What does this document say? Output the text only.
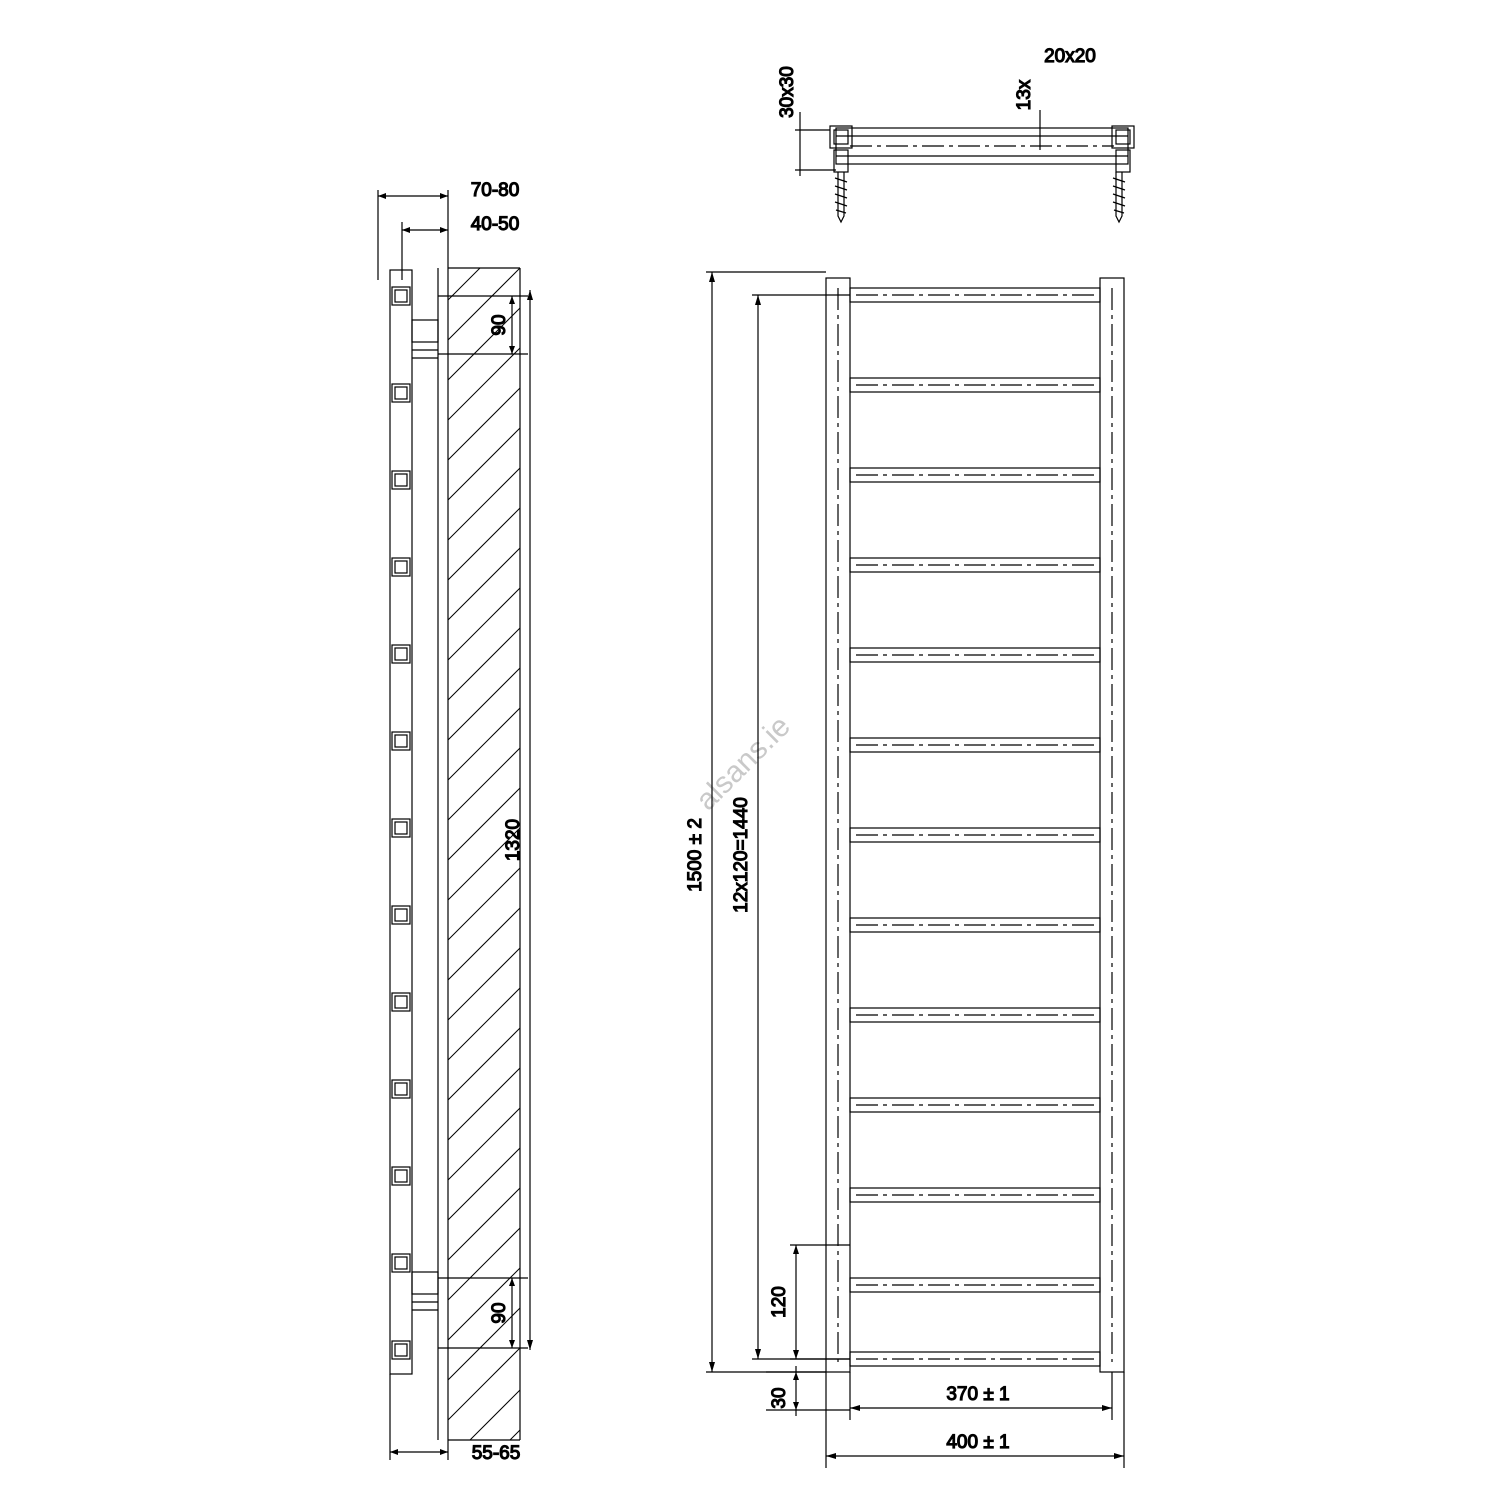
alsans.ie
30x30	13x
20x20
70-80
40-50
90
1320
90
55-65
1500 ± 2 12x120=1440
120
30	370 ± 1
400 ± 1
